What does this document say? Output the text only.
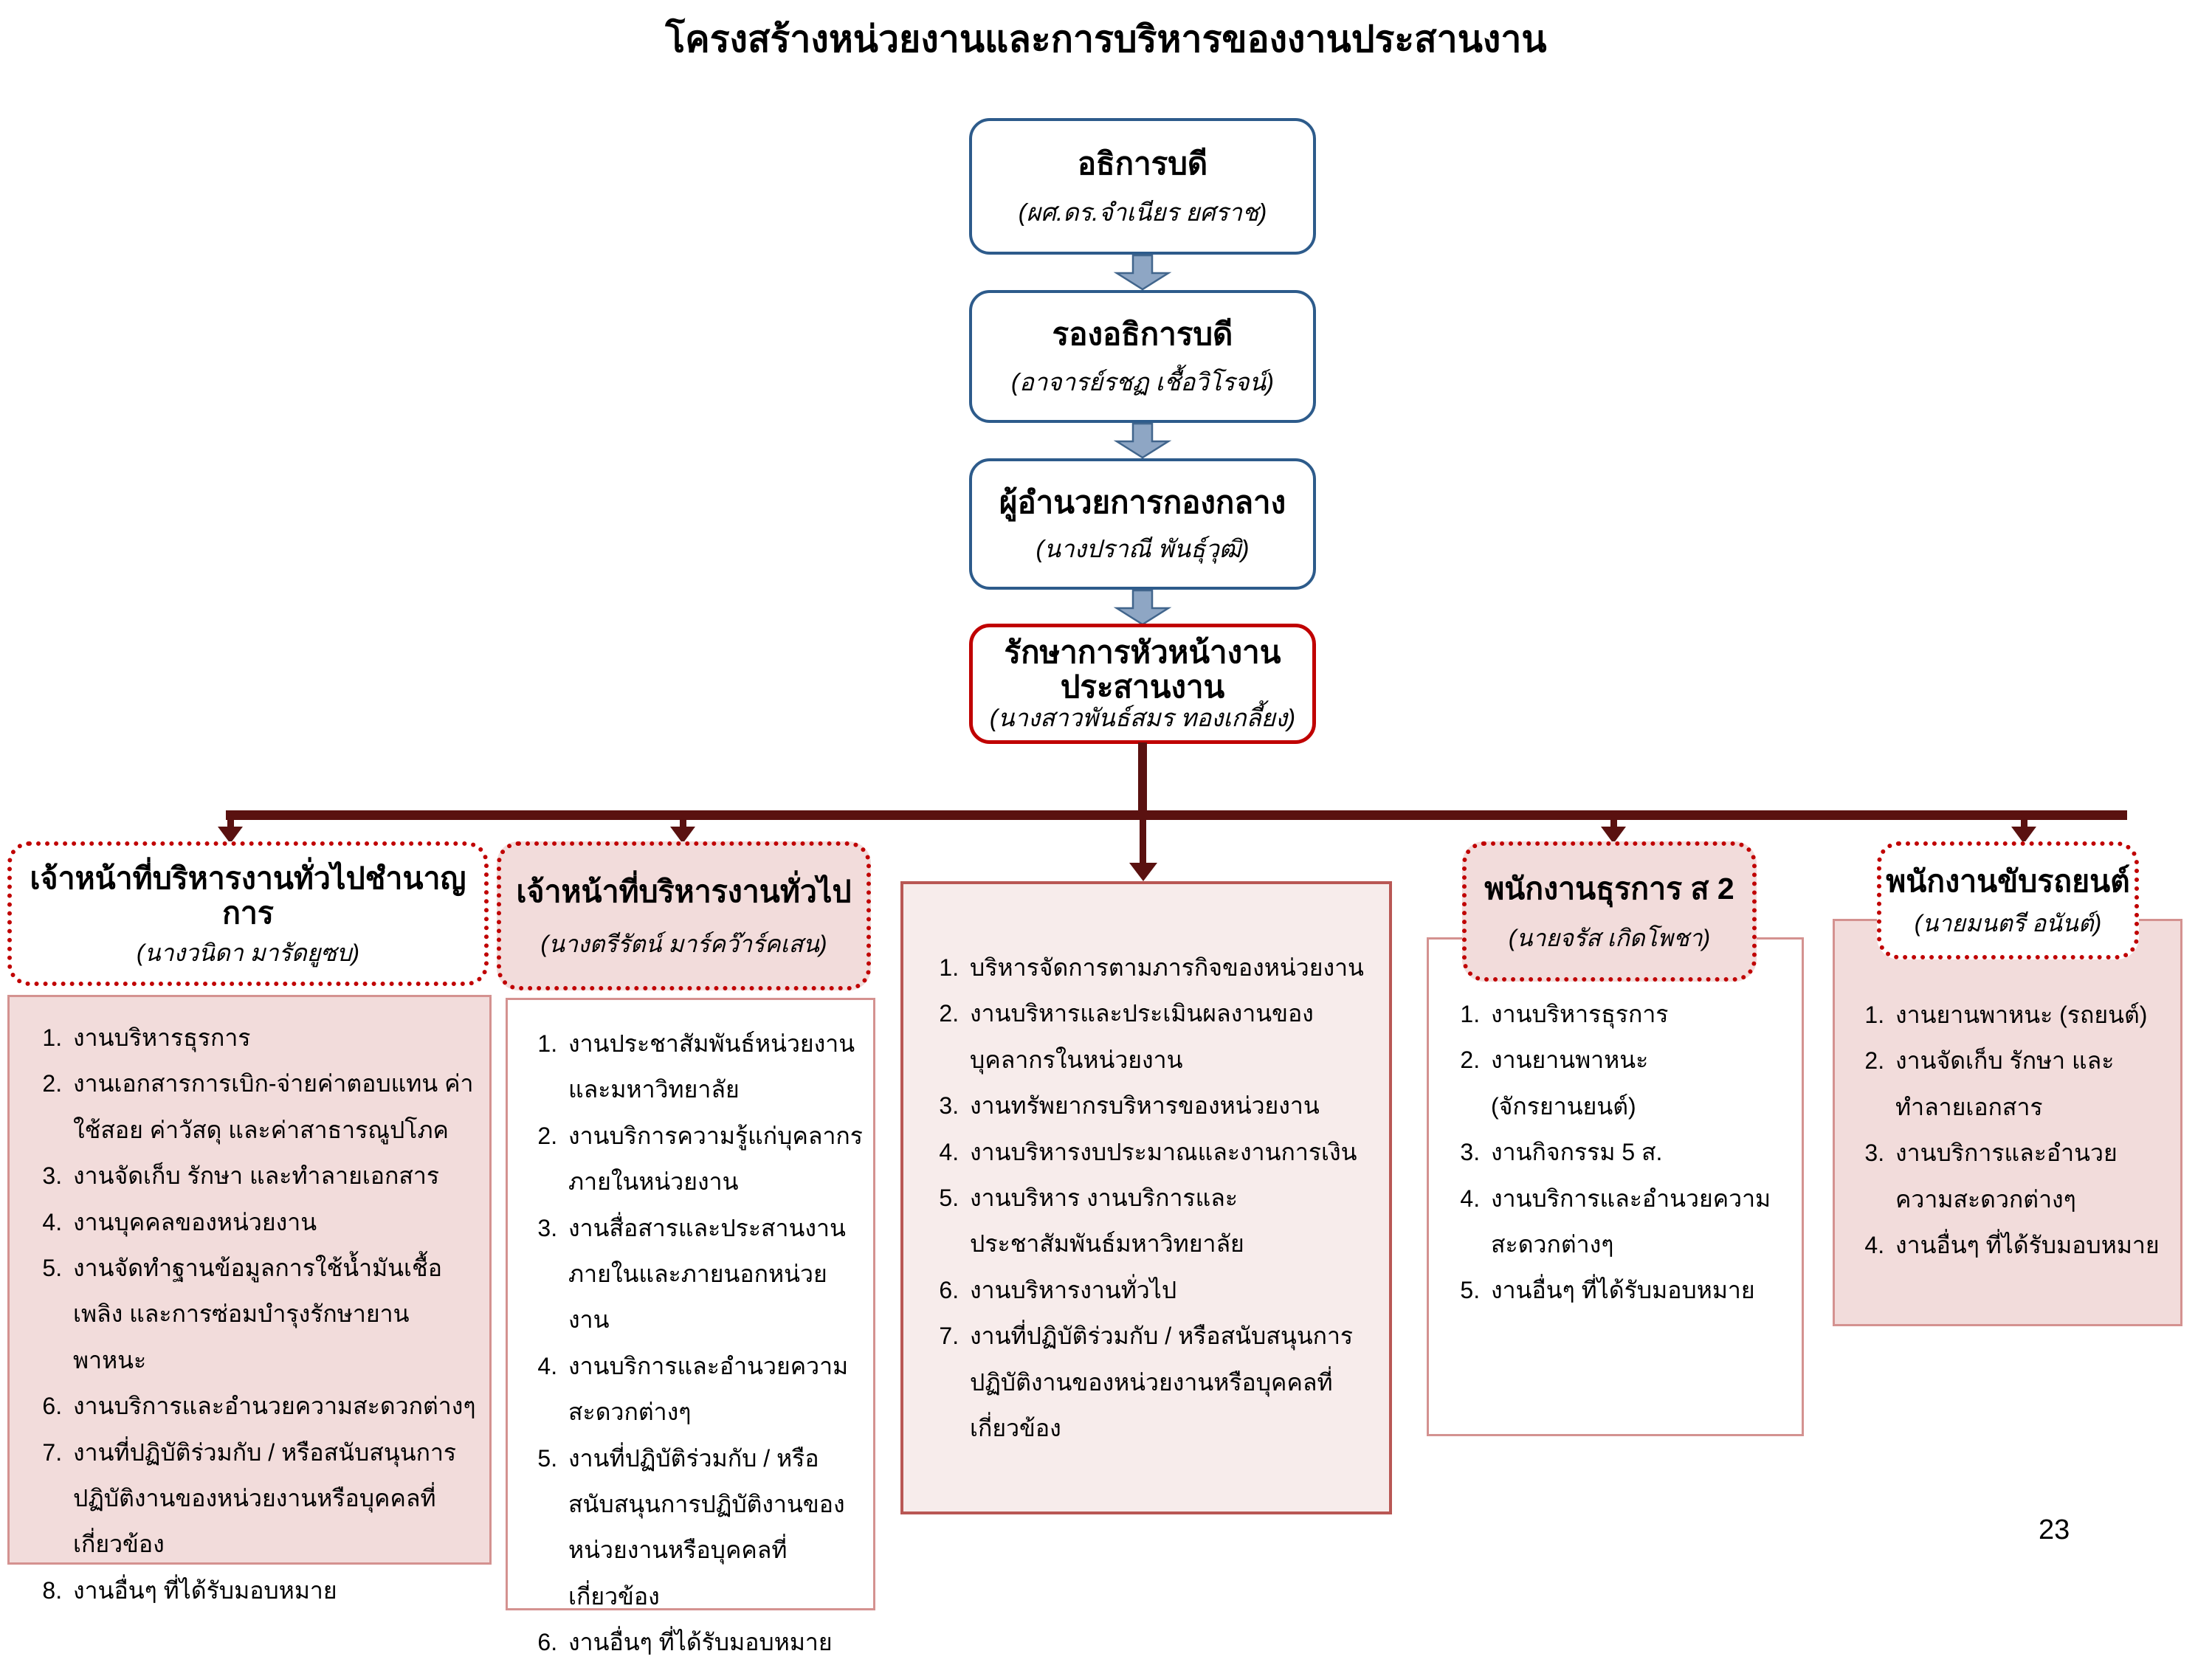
โครงสร้างหน่วยงานและการบริหารของงานประสานงาน
อธิการบดี
(ผศ.ดร.จำเนียร ยศราช)
รองอธิการบดี
(อาจารย์รชฏ เชื้อวิโรจน์)
ผู้อำนวยการกองกลาง
(นางปราณี พันธุ์วุฒิ)
รักษาการหัวหน้างานประสานงาน
(นางสาวพันธ์สมร ทองเกลี้ยง)
เจ้าหน้าที่บริหารงานทั่วไปชำนาญการ
(นางวนิดา มารัดยูซบ)
1. งานบริหารธุรการ
2. งานเอกสารการเบิก-จ่ายค่าตอบแทน ค่าใช้​สอย ค่าวัสดุ และค่าสาธารณูปโภค
3. งานจัดเก็บ รักษา และทำลายเอกสาร
4. งานบุคคลของหน่วยงาน
5. งานจัดทำฐานข้อมูลการใช้น้ำมันเชื้อเพลิง ​และการซ่อมบำรุงรักษายานพาหนะ
6. งานบริการและอำนวยความสะดวกต่างๆ
7. งานที่ปฏิบัติร่วมกับ / หรือสนับสนุนการ​ปฏิบัติงานของหน่วยงานหรือบุคคลที่​เกี่ยวข้อง
8. งานอื่นๆ ที่ได้รับมอบหมาย
เจ้าหน้าที่บริหารงานทั่วไป
(นางตรีรัตน์ มาร์คว๊าร์คเสน)
1. งานประชาสัมพันธ์หน่วยงานและ​มหาวิทยาลัย
2. งานบริการความรู้แก่บุคลากรภายใน​หน่วยงาน
3. งานสื่อสารและประสานงาน​ภายในและภายนอกหน่วยงาน
4. งานบริการและอำนวยความสะดวก​ต่างๆ
5. งานที่ปฏิบัติร่วมกับ / หรือสนับสนุน​การปฏิบัติงานของหน่วยงานหรือ​บุคคลที่เกี่ยวข้อง
6. งานอื่นๆ ที่ได้รับมอบหมาย
1. บริหารจัดการตามภารกิจของหน่วยงาน
2. งานบริหารและประเมินผลงานของบุคลากรใน​หน่วยงาน
3. งานทรัพยากรบริหารของหน่วยงาน
4. งานบริหารงบประมาณและงานการเงิน
5. งานบริหาร งานบริการและประชาสัมพันธ์​มหาวิทยาลัย
6. งานบริหารงานทั่วไป
7. งานที่ปฏิบัติร่วมกับ / หรือสนับสนุน​การปฏิบัติงานของหน่วยงานหรือ​บุคคลที่เกี่ยวข้อง
พนักงานธุรการ ส 2
(นายจรัส เกิดโพชา)
1. งานบริหารธุรการ
2. งานยานพาหนะ (จักรยานยนต์)
3. งานกิจกรรม 5 ส.
4. งานบริการและอำนวยความสะดวก​ต่างๆ
5. งานอื่นๆ ที่ได้รับมอบหมาย
พนักงานขับรถยนต์
(นายมนตรี อนันต์)
1. งานยานพาหนะ (รถยนต์)
2. งานจัดเก็บ รักษา และทำลาย​เอกสาร
3. งานบริการและอำนวยความสะดวก​ต่างๆ
4. งานอื่นๆ ที่ได้รับมอบหมาย
23
